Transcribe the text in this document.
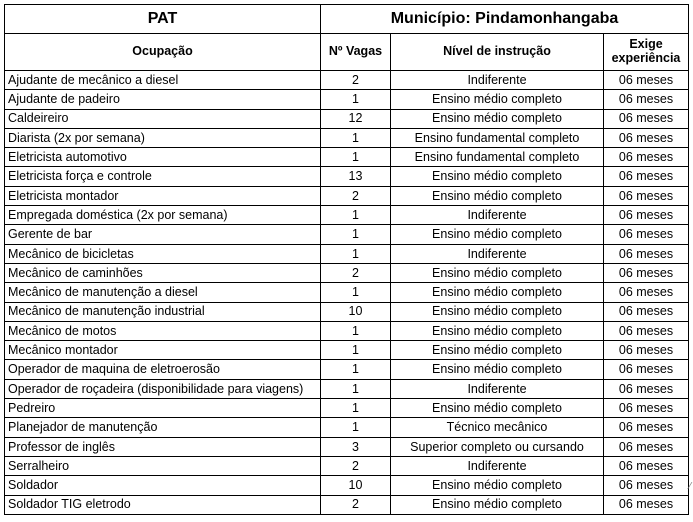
PAT	Município: Pindamonhangaba		
Ocupação	Nº Vagas	Nível de instrução	Exige experiência
Ajudante de mecânico a diesel	2	Indiferente	06 meses
Ajudante de padeiro	1	Ensino médio completo	06 meses
Caldeireiro	12	Ensino médio completo	06 meses
Diarista (2x por semana)	1	Ensino fundamental completo	06 meses
Eletricista automotivo	1	Ensino fundamental completo	06 meses
Eletricista força e controle	13	Ensino médio completo	06 meses
Eletricista montador	2	Ensino médio completo	06 meses
Empregada doméstica (2x por semana)	1	Indiferente	06 meses
Gerente de bar	1	Ensino médio completo	06 meses
Mecânico de bicicletas	1	Indiferente	06 meses
Mecânico de caminhões	2	Ensino médio completo	06 meses
Mecânico de manutenção a diesel	1	Ensino médio completo	06 meses
Mecânico de manutenção industrial	10	Ensino médio completo	06 meses
Mecânico de motos	1	Ensino médio completo	06 meses
Mecânico montador	1	Ensino médio completo	06 meses
Operador de maquina de eletroerosão	1	Ensino médio completo	06 meses
Operador de roçadeira (disponibilidade para viagens)	1	Indiferente	06 meses
Pedreiro	1	Ensino médio completo	06 meses
Planejador de manutenção	1	Técnico mecânico	06 meses
Professor de inglês	3	Superior completo ou cursando	06 meses
Serralheiro	2	Indiferente	06 meses
Soldador	10	Ensino médio completo	06 meses
Soldador TIG eletrodo	2	Ensino médio completo	06 meses
⁄
